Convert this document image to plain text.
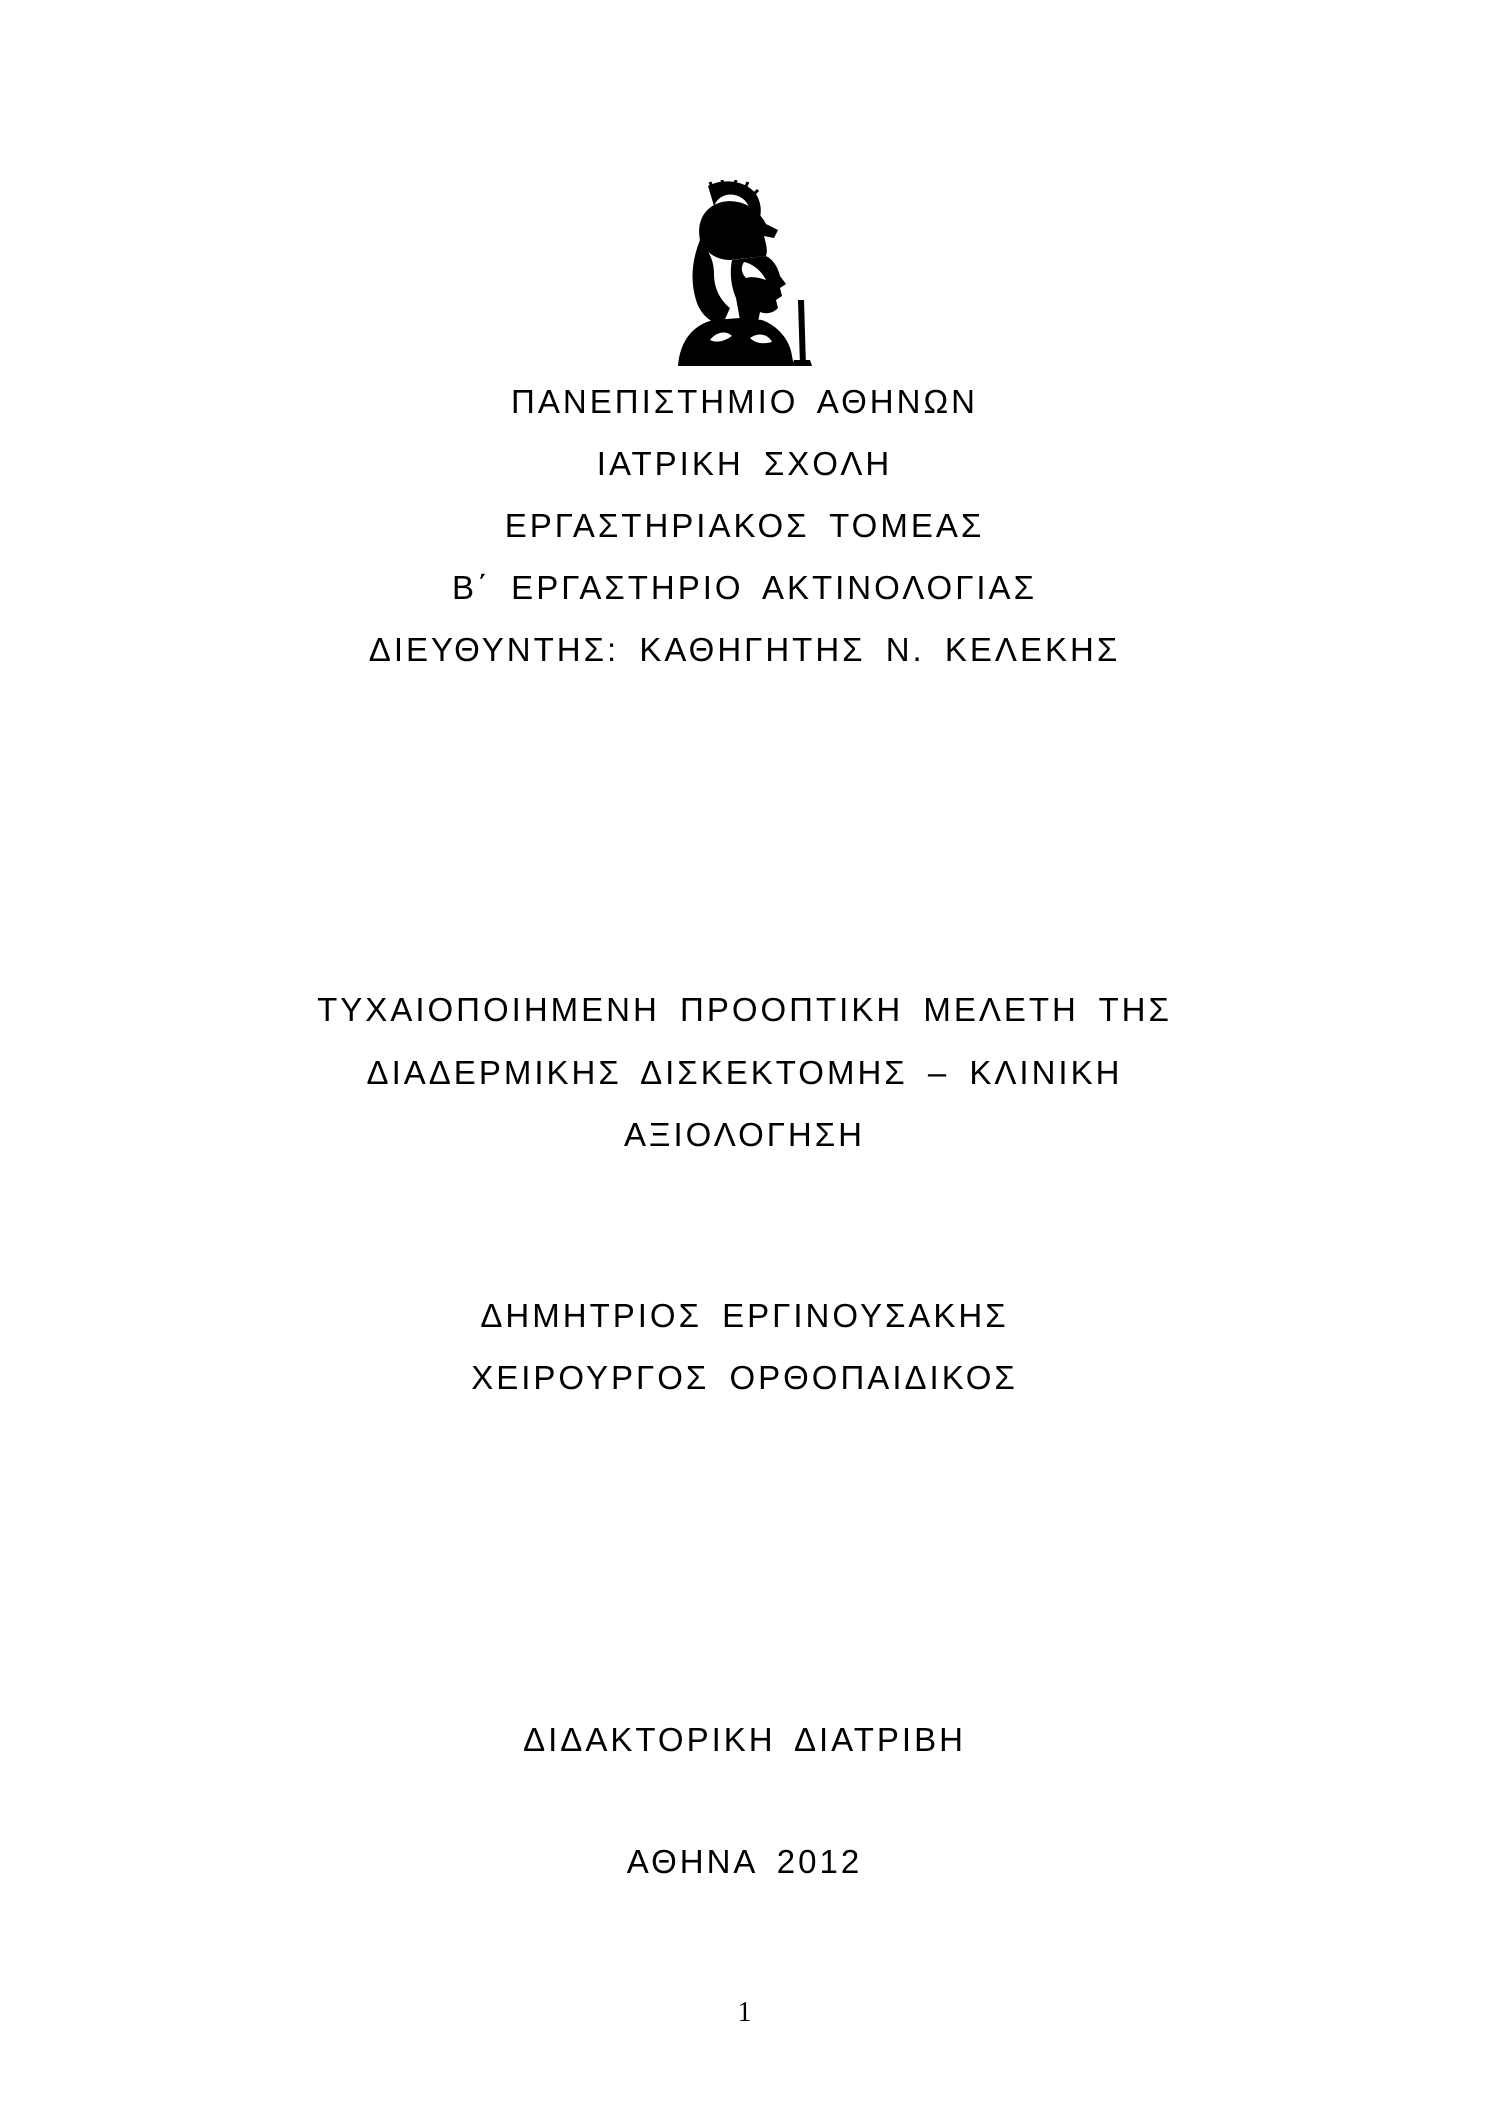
ΠΑΝΕΠΙΣΤΗΜΙΟ ΑΘΗΝΩΝ
ΙΑΤΡΙΚΗ ΣΧΟΛΗ
ΕΡΓΑΣΤΗΡΙΑΚΟΣ ΤΟΜΕΑΣ
Β΄ ΕΡΓΑΣΤΗΡΙΟ ΑΚΤΙΝΟΛΟΓΙΑΣ
ΔΙΕΥΘΥΝΤΗΣ: ΚΑΘΗΓΗΤΗΣ Ν. ΚΕΛΕΚΗΣ
ΤΥΧΑΙΟΠΟΙΗΜΕΝΗ ΠΡΟΟΠΤΙΚΗ ΜΕΛΕΤΗ ΤΗΣ
ΔΙΑΔΕΡΜΙΚΗΣ ΔΙΣΚΕΚΤΟΜΗΣ – ΚΛΙΝΙΚΗ
ΑΞΙΟΛΟΓΗΣΗ
ΔΗΜΗΤΡΙΟΣ ΕΡΓΙΝΟΥΣΑΚΗΣ
ΧΕΙΡΟΥΡΓΟΣ ΟΡΘΟΠΑΙΔΙΚΟΣ
ΔΙΔΑΚΤΟΡΙΚΗ ΔΙΑΤΡΙΒΗ
ΑΘΗΝΑ 2012
1
